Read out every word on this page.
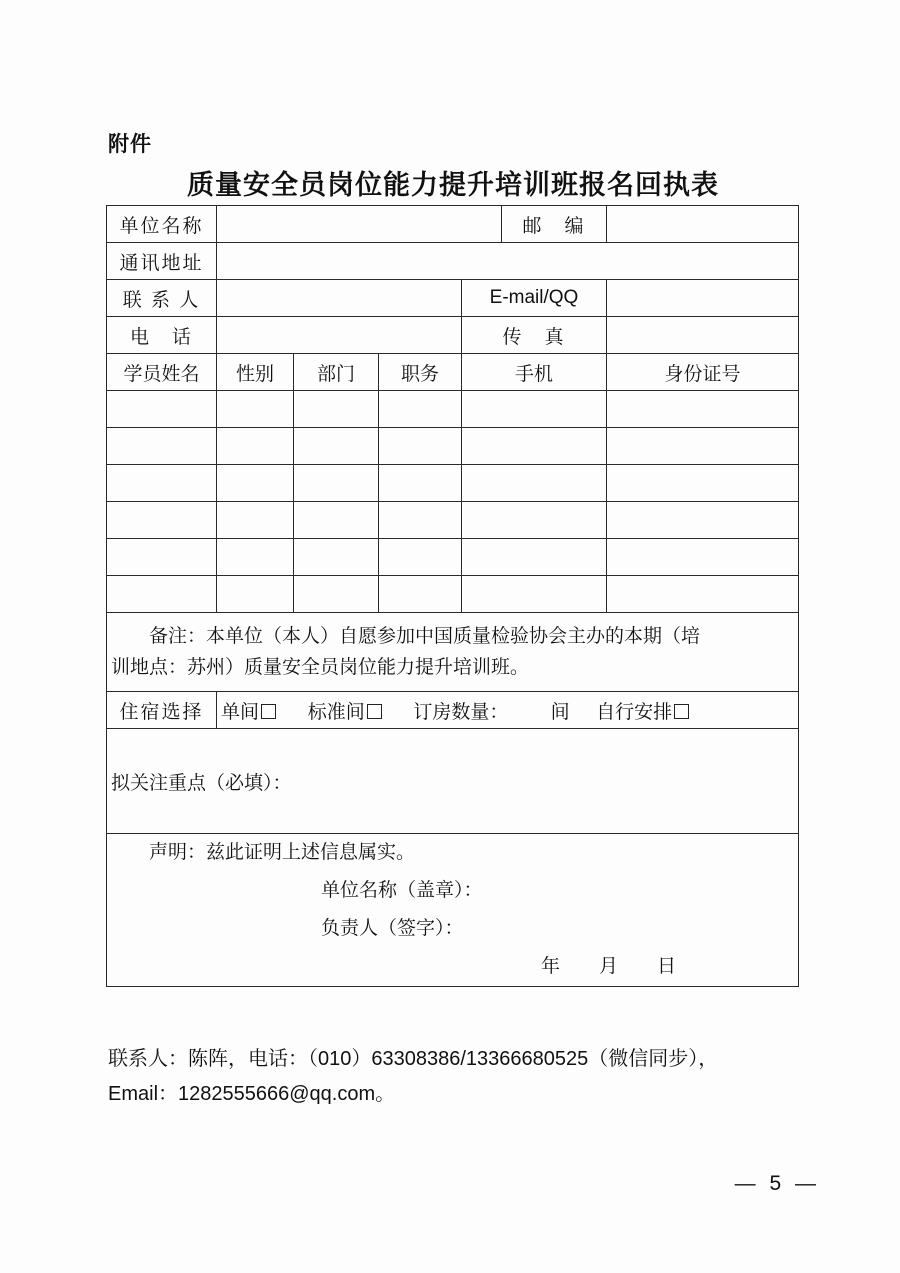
附件
质量安全员岗位能力提升培训班报名回执表
单位名称					邮　编	
通讯地址						
联 系 人				E-mail/QQ		
电　话				传　真		
学员姓名	性别	部门	职务	手机		身份证号

备注：本单位（本人）自愿参加中国质量检验协会主办的本期（培

训地点：苏州）质量安全员岗位能力提升培训班。						

住宿选择	单间 标准间 订房数量： 间 自行安排					
拟关注重点（必填）：						

声明：兹此证明上述信息属实。
单位名称（盖章）：
负责人（签字）：
年　月　日						
联系人：陈阵，电话：（010）63308386/13366680525（微信同步），
Email：1282555666@qq.com。
— 5 —
